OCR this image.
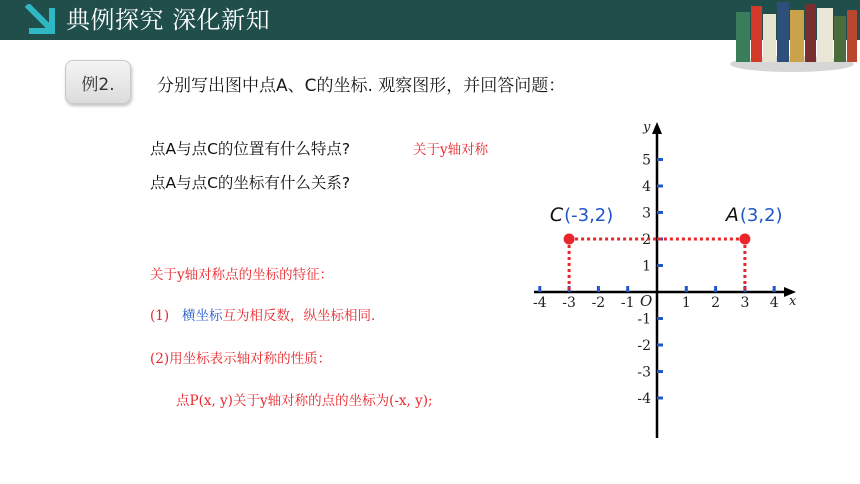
典例探究 深化新知
例2.	分别写出图中点A、C的坐标. 观察图形，并回答问题：
点A与点C的位置有什么特点?
点A与点C的坐标有什么关系?
关于y轴对称
关于y轴对称点的坐标的特征：
(1) 横坐标互为相反数，纵坐标相同.
(2)用坐标表示轴对称的性质：
点P(x, y)关于y轴对称的点的坐标为(-x, y);
x
y
O
-4 -3 -2 -1	1 2 3 4
-4
-3
-2
-1
1
2
3
4
5
A (3,2)
C (-3,2)
